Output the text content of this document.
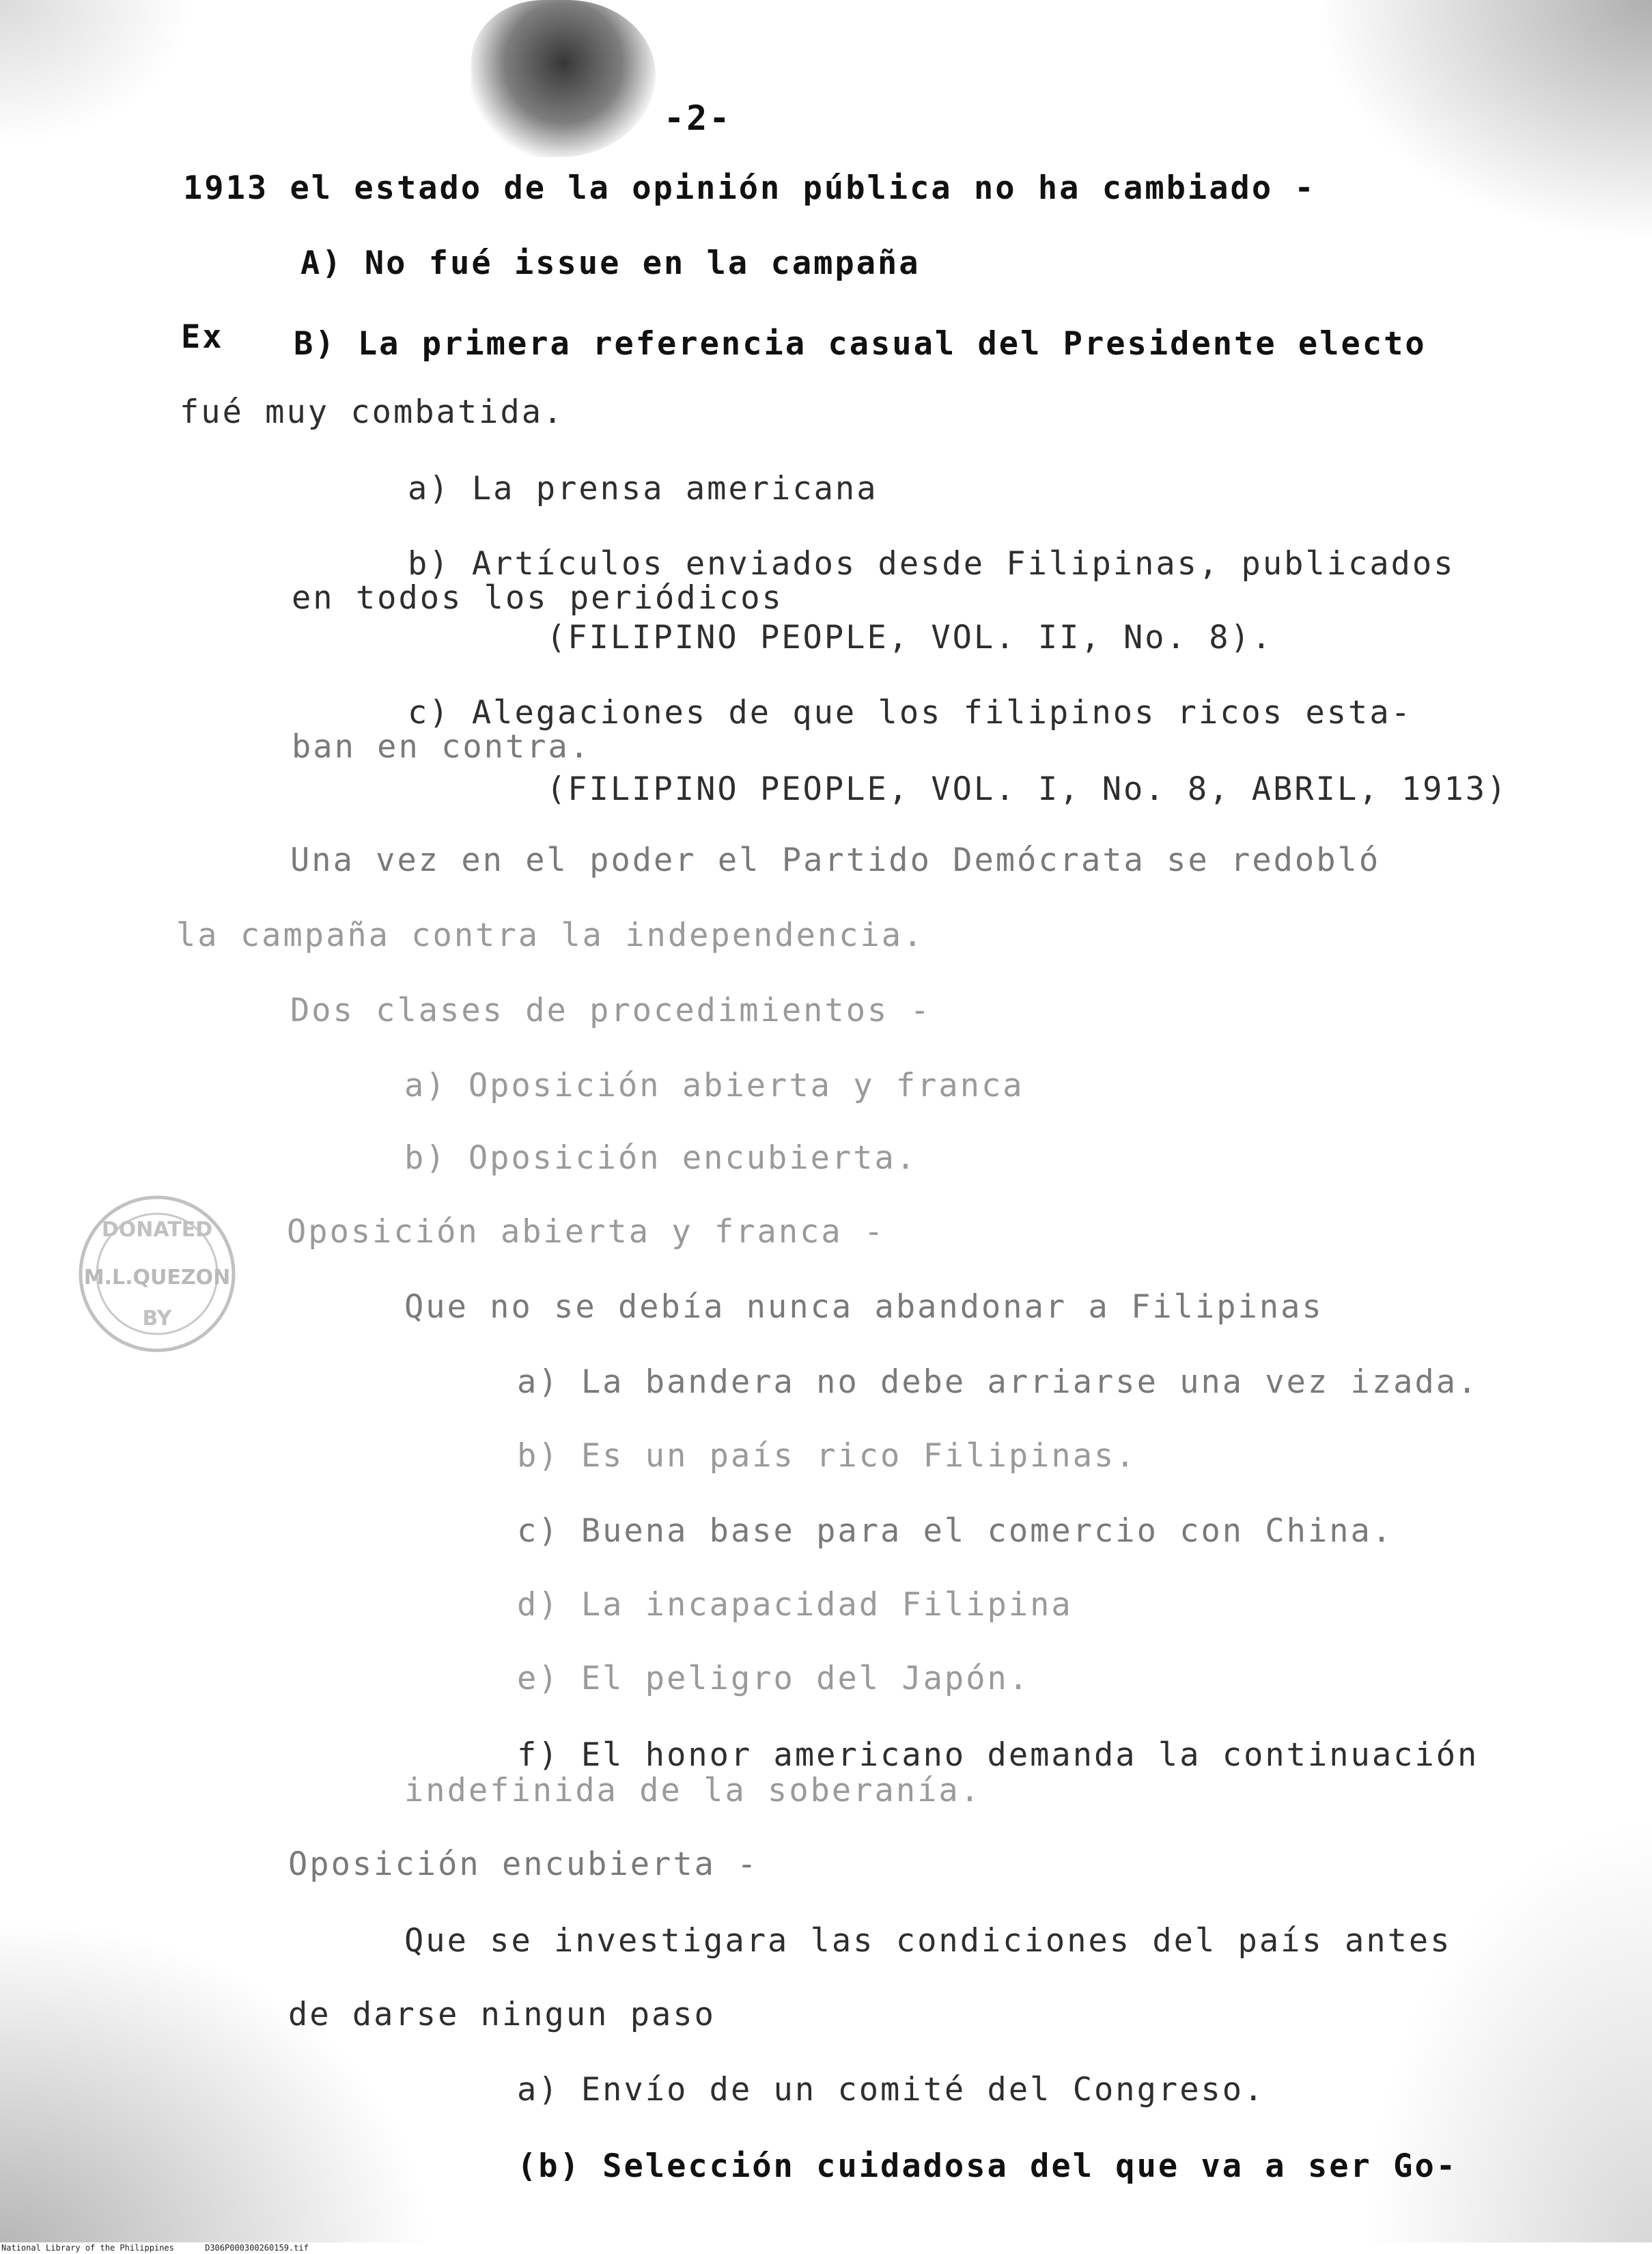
-2-
1913 el estado de la opinión pública no ha cambiado -
A) No fué issue en la campaña
Ex B) La primera referencia casual del Presidente electo
fué muy combatida.
a) La prensa americana
b) Artículos enviados desde Filipinas, publicados
en todos los periódicos
(FILIPINO PEOPLE, VOL. II, No. 8).
c) Alegaciones de que los filipinos ricos esta-
ban en contra.
(FILIPINO PEOPLE, VOL. I, No. 8, ABRIL, 1913)
Una vez en el poder el Partido Demócrata se redobló
la campaña contra la independencia.
Dos clases de procedimientos -
a) Oposición abierta y franca
b) Oposición encubierta.
Oposición abierta y franca -
Que no se debía nunca abandonar a Filipinas
a) La bandera no debe arriarse una vez izada.
b) Es un país rico Filipinas.
c) Buena base para el comercio con China.
d) La incapacidad Filipina
e) El peligro del Japón.
f) El honor americano demanda la continuación
indefinida de la soberanía.
Oposición encubierta -
Que se investigara las condiciones del país antes
de darse ningun paso
a) Envío de un comité del Congreso.
(b) Selección cuidadosa del que va a ser Go-
DONATED
M.L.QUEZON
BY
National Library of the Philippines	D306P000300260159.tif
